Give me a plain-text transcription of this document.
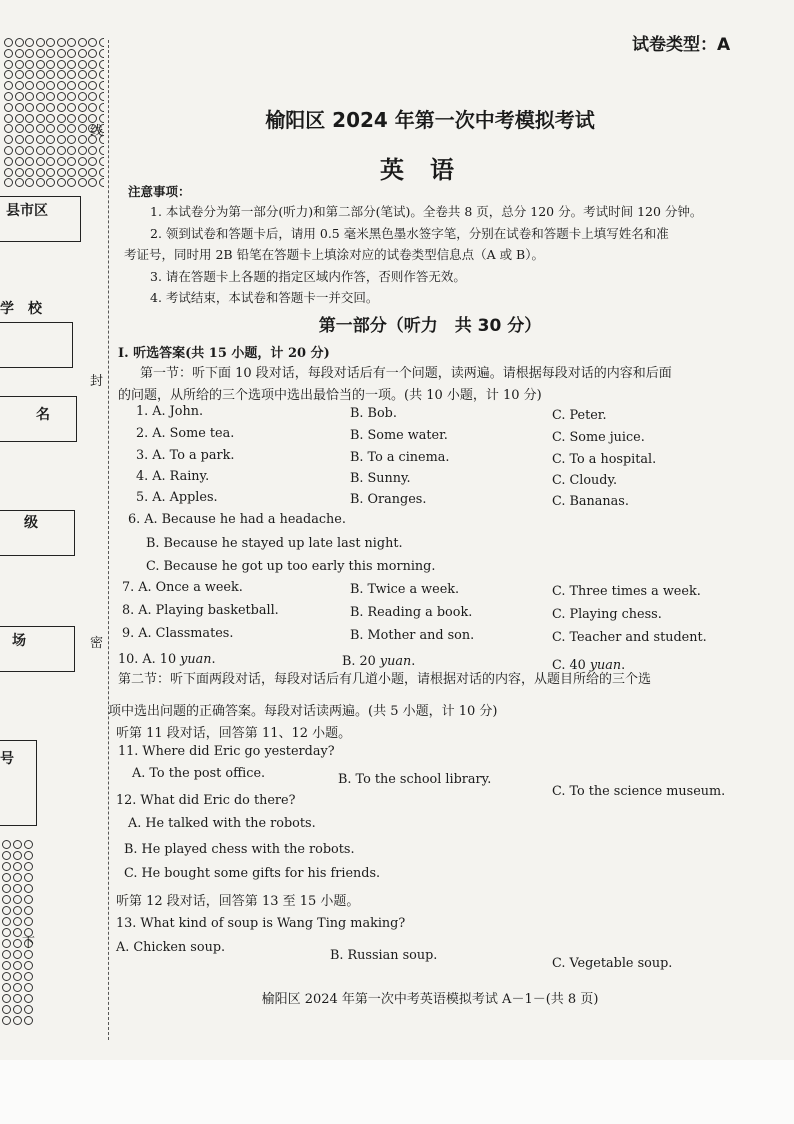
线
封
密
下
县市区
学　校
名
级
场
号
试卷类型：A
榆阳区 2024 年第一次中考模拟考试
英语
注意事项：
1. 本试卷分为第一部分(听力)和第二部分(笔试)。全卷共 8 页，总分 120 分。考试时间 120 分钟。
2. 领到试卷和答题卡后，请用 0.5 毫米黑色墨水签字笔，分别在试卷和答题卡上填写姓名和准
考证号，同时用 2B 铅笔在答题卡上填涂对应的试卷类型信息点（A 或 B）。
3. 请在答题卡上各题的指定区域内作答，否则作答无效。
4. 考试结束，本试卷和答题卡一并交回。
第一部分（听力　共 30 分）
Ⅰ. 听选答案(共 15 小题，计 20 分)
第一节：听下面 10 段对话，每段对话后有一个问题，读两遍。请根据每段对话的内容和后面
的问题，从所给的三个选项中选出最恰当的一项。(共 10 小题，计 10 分)
1. A. John.	B. Bob.	C. Peter.
2. A. Some tea.	B. Some water.	C. Some juice.
3. A. To a park.	B. To a cinema.	C. To a hospital.
4. A. Rainy.	B. Sunny.	C. Cloudy.
5. A. Apples.	B. Oranges.	C. Bananas.
6. A. Because he had a headache.
B. Because he stayed up late last night.
C. Because he got up too early this morning.
7. A. Once a week.	B. Twice a week.	C. Three times a week.
8. A. Playing basketball.	B. Reading a book.	C. Playing chess.
9. A. Classmates.	B. Mother and son.	C. Teacher and student.
10. A. 10 yuan.	B. 20 yuan.	C. 40 yuan.
第二节：听下面两段对话，每段对话后有几道小题，请根据对话的内容，从题目所给的三个选
项中选出问题的正确答案。每段对话读两遍。(共 5 小题，计 10 分)
听第 11 段对话，回答第 11、12 小题。
11. Where did Eric go yesterday?
A. To the post office.	B. To the school library.
C. To the science museum.
12. What did Eric do there?
A. He talked with the robots.
B. He played chess with the robots.
C. He bought some gifts for his friends.
听第 12 段对话，回答第 13 至 15 小题。
13. What kind of soup is Wang Ting making?
A. Chicken soup.
B. Russian soup.
C. Vegetable soup.
榆阳区 2024 年第一次中考英语模拟考试 A－1－(共 8 页)
